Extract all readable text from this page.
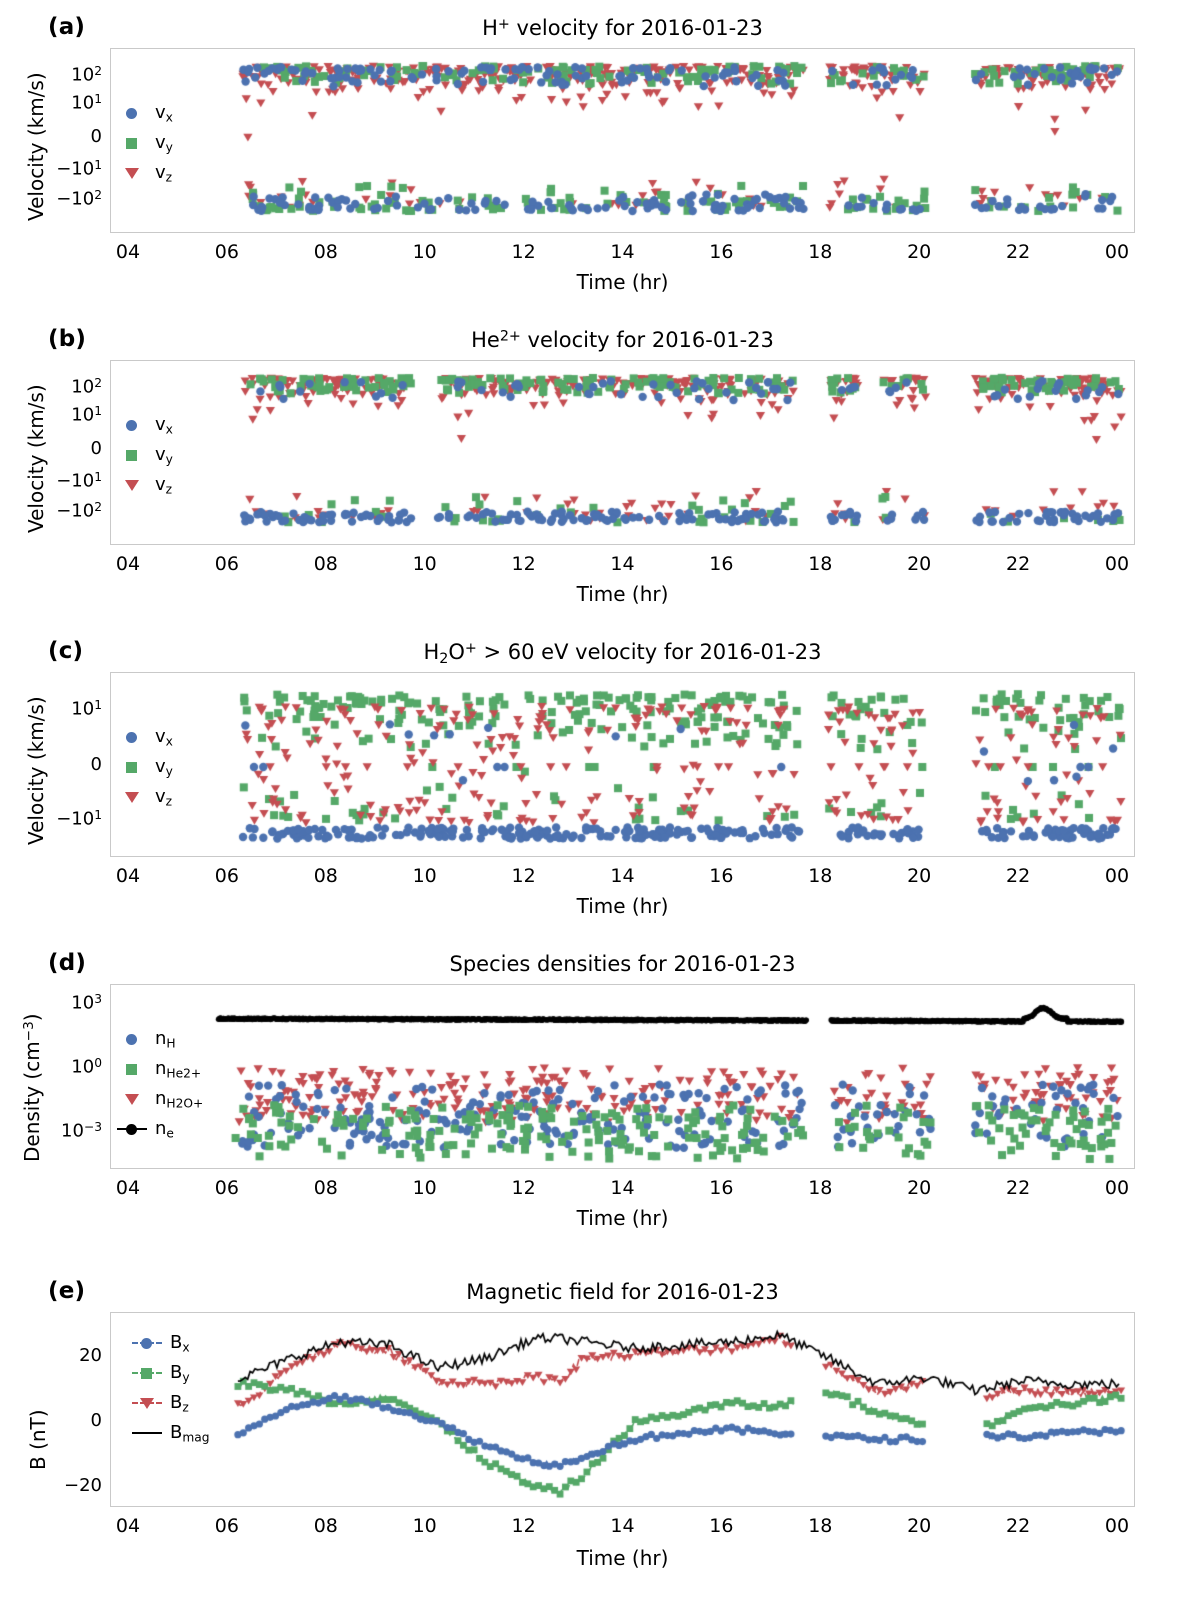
(a)	H+ velocity for 2016-01-23
Velocity (km/s)	$v_x$
$v_y$
$v_z$
$10^2$
$10^1$
0
$-10^1$
$-10^2$
04	06	08	10	12	14	16	18	20	22	00
Time (hr)
(b)	$He^{2+}$ velocity for 2016-01-23
Velocity (km/s)	$v_x$
$v_y$
$v_z$
$10^2$
$10^1$
0
$-10^1$
$-10^2$
04	06	08	10	12	14	16	18	20	22	00
Time (hr)
(c)	$H_2O^+ > 60$ eV velocity for 2016-01-23
Velocity (km/s)	$v_x$
$v_y$
$v_z$
$10^1$
0
$-10^1$
04	06	08	10	12	14	16	18	20	22	00
Time (hr)
(d)	Species densities for 2016-01-23
Density $(cm^{-3})$
$n_H$
$n_{He2+}$
$n_{H2O+}$
$n_e$
$10^3$
$10^0$
$10^{-3}$
04	06	08	10	12	14	16	18	20	22	00
Time (hr)
(e)	Magnetic field for 2016-01-23
B (nT)
$B_x$
$B_y$
$B_z$
$B_{mag}$
20
0
−20
04	06	08	10	12	14	16	18	20	22	00
Time (hr)
